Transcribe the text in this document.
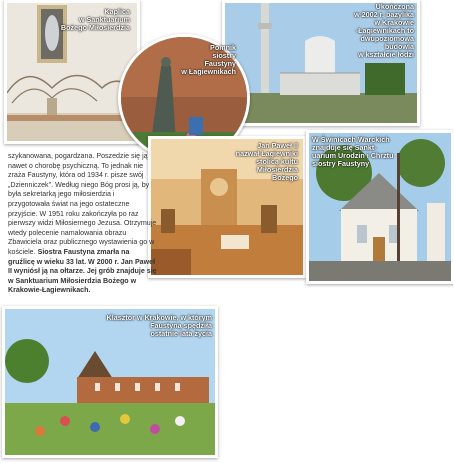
Kaplica
w Sanktuarium
Bożego Miłosierdzia
Ukończona
w 2002 r. bazylika
w Krakowie
-Łagiewnikach to
dwupoziomowa
budowla
w kształcie łodzi
Pomnik
siostry
Faustyny
w Łagiewnikach
Jan Paweł II
nazwał Łagiewniki
stolicą kultu
Miłosierdzia
Bożego
W Świnicach Warckich
znajduje się Sankt-
uarium Urodzin i Chrztu
siostry Faustyny
szykanowana, pogardzana. Poszedzie się ją nawet o chorobę psychiczną. To jednak nie zraża Faustyny, która od 1934 r. pisze swój „Dzienniczek". Według niego Bóg prosi ją, by była sekretarką jego miłosierdzia i przygotowała świat na jego ostateczne przyjście. W 1951 roku zakończyła po raz pierwszy widzi Miłosiernego Jezusa. Otrzymuje wtedy polecenie namalowania obrazu Zbawiciela oraz publicznego wystawienia go w kościele. Siostra Faustyna zmarła na gruźlicę w wieku 33 lat. W 2000 r. Jan Paweł II wyniósł ją na ołtarze. Jej grób znajduje się w Sanktuarium Miłosierdzia Bożego w Krakowie-Łagiewnikach.
Klasztor w Krakowie, w którym
Faustyna spędziła
ostatnie lata życia
